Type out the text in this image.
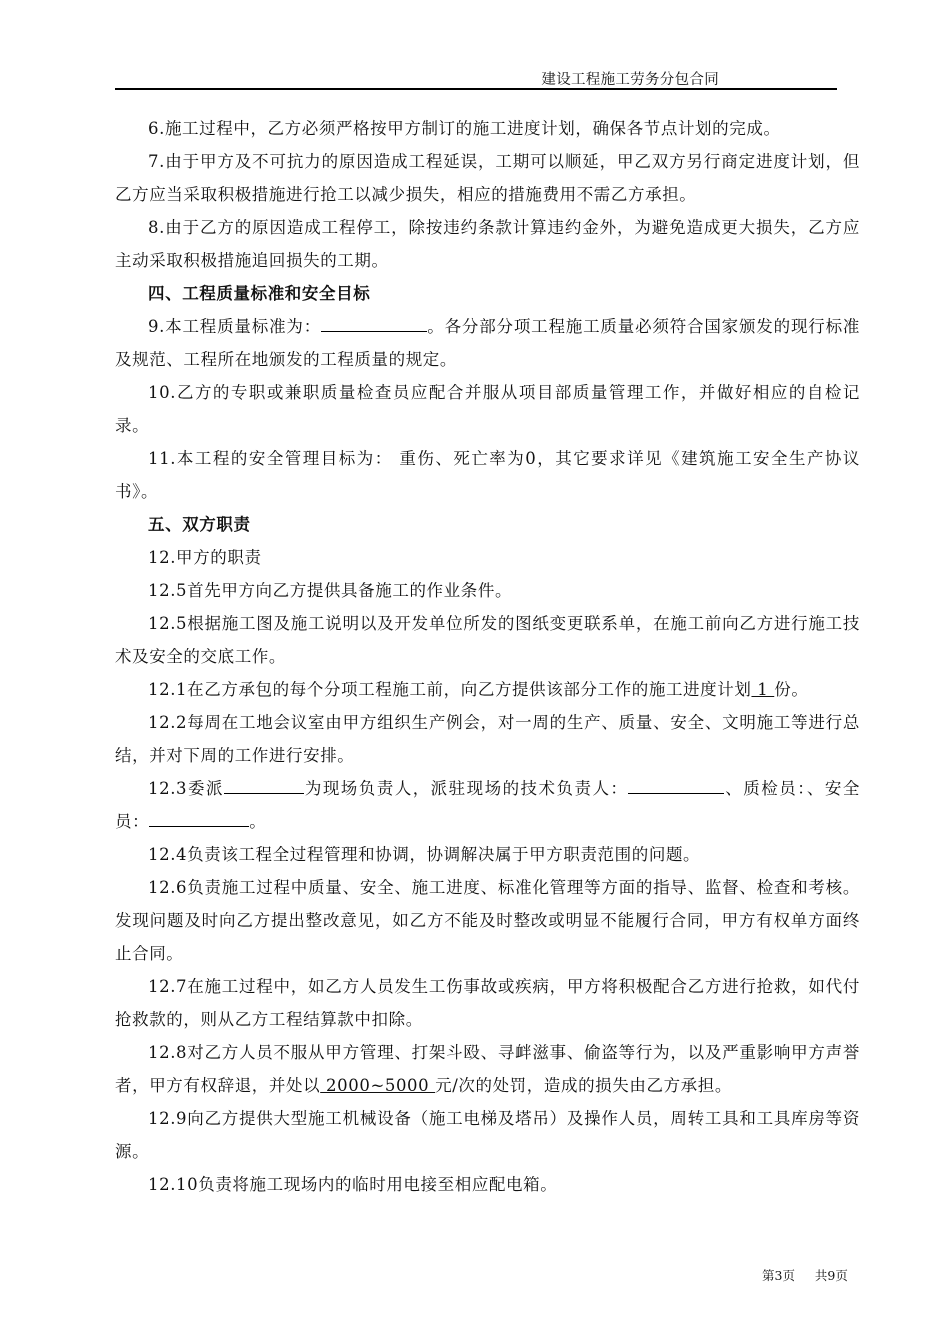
建设工程施工劳务分包合同

6.施工过程中，乙方必须严格按甲方制订的施工进度计划，确保各节点计划的完成。

7.由于甲方及不可抗力的原因造成工程延误，工期可以顺延，甲乙双方另行商定进度计划，但乙方应当采取积极措施进行抢工以减少损失，相应的措施费用不需乙方承担。

8.由于乙方的原因造成工程停工，除按违约条款计算违约金外，为避免造成更大损失，乙方应主动采取积极措施追回损失的工期。

四、工程质量标准和安全目标

9.本工程质量标准为：	。各分部分项工程施工质量必须符合国家颁发的现行标准及规范、工程所在地颁发的工程质量的规定。

10.乙方的专职或兼职质量检查员应配合并服从项目部质量管理工作，并做好相应的自检记录。

11.本工程的安全管理目标为： 重伤、死亡率为0，其它要求详见《建筑施工安全生产协议书》。

五、双方职责

12.甲方的职责

12.5首先甲方向乙方提供具备施工的作业条件。

12.5根据施工图及施工说明以及开发单位所发的图纸变更联系单，在施工前向乙方进行施工技术及安全的交底工作。

12.1在乙方承包的每个分项工程施工前，向乙方提供该部分工作的施工进度计划 1 份。

12.2每周在工地会议室由甲方组织生产例会，对一周的生产、质量、安全、文明施工等进行总结，并对下周的工作进行安排。

12.3委派	为现场负责人，派驻现场的技术负责人：	、质检员：、安全员：	。

12.4负责该工程全过程管理和协调，协调解决属于甲方职责范围的问题。

12.6负责施工过程中质量、安全、施工进度、标准化管理等方面的指导、监督、检查和考核。发现问题及时向乙方提出整改意见，如乙方不能及时整改或明显不能履行合同，甲方有权单方面终止合同。

12.7在施工过程中，如乙方人员发生工伤事故或疾病，甲方将积极配合乙方进行抢救，如代付抢救款的，则从乙方工程结算款中扣除。

12.8对乙方人员不服从甲方管理、打架斗殴、寻衅滋事、偷盗等行为，以及严重影响甲方声誉者，甲方有权辞退，并处以 2000~5000 元/次的处罚，造成的损失由乙方承担。

12.9向乙方提供大型施工机械设备（施工电梯及塔吊）及操作人员，周转工具和工具库房等资源。

12.10负责将施工现场内的临时用电接至相应配电箱。

第3页 共9页
